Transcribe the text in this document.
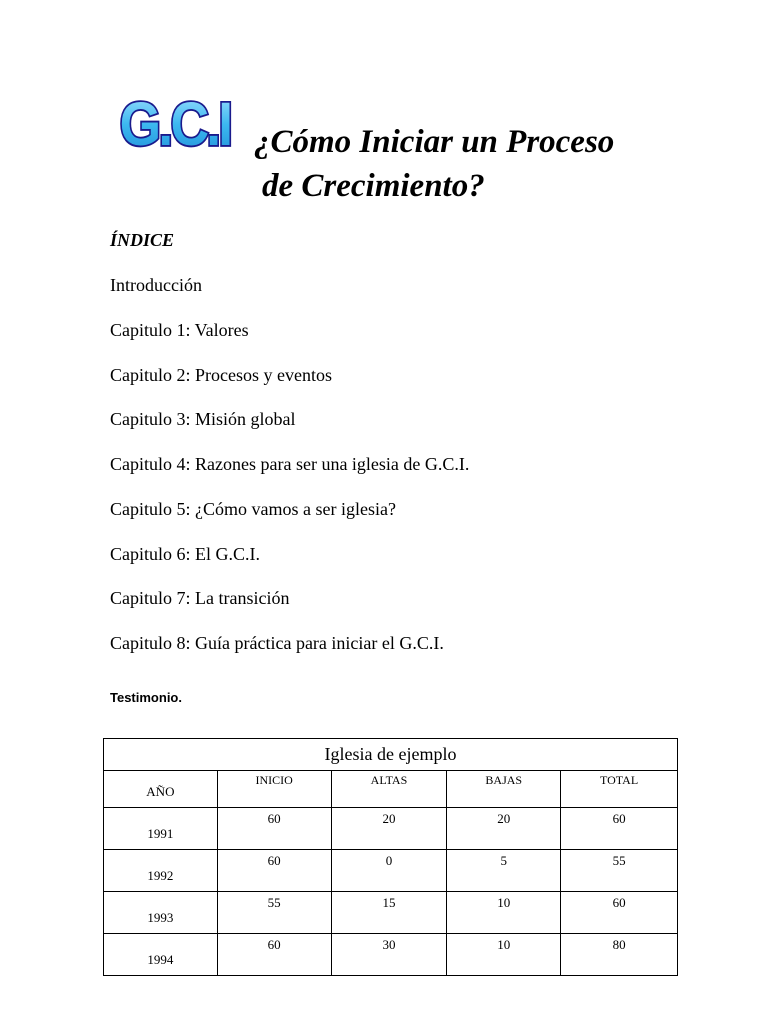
G.C.I ¿Cómo Iniciar un Proceso
de Crecimiento?
ÍNDICE
Introducción
Capitulo 1: Valores
Capitulo 2: Procesos y eventos
Capitulo 3: Misión global
Capitulo 4: Razones para ser una iglesia de G.C.I.
Capitulo 5: ¿Cómo vamos a ser iglesia?
Capitulo 6: El G.C.I.
Capitulo 7: La transición
Capitulo 8: Guía práctica para iniciar el G.C.I.
Testimonio.
Iglesia de ejemplo				
AÑO	INICIO	ALTAS	BAJAS	TOTAL
1991	60	20	20	60
1992	60	0	5	55
1993	55	15	10	60
1994	60	30	10	80
